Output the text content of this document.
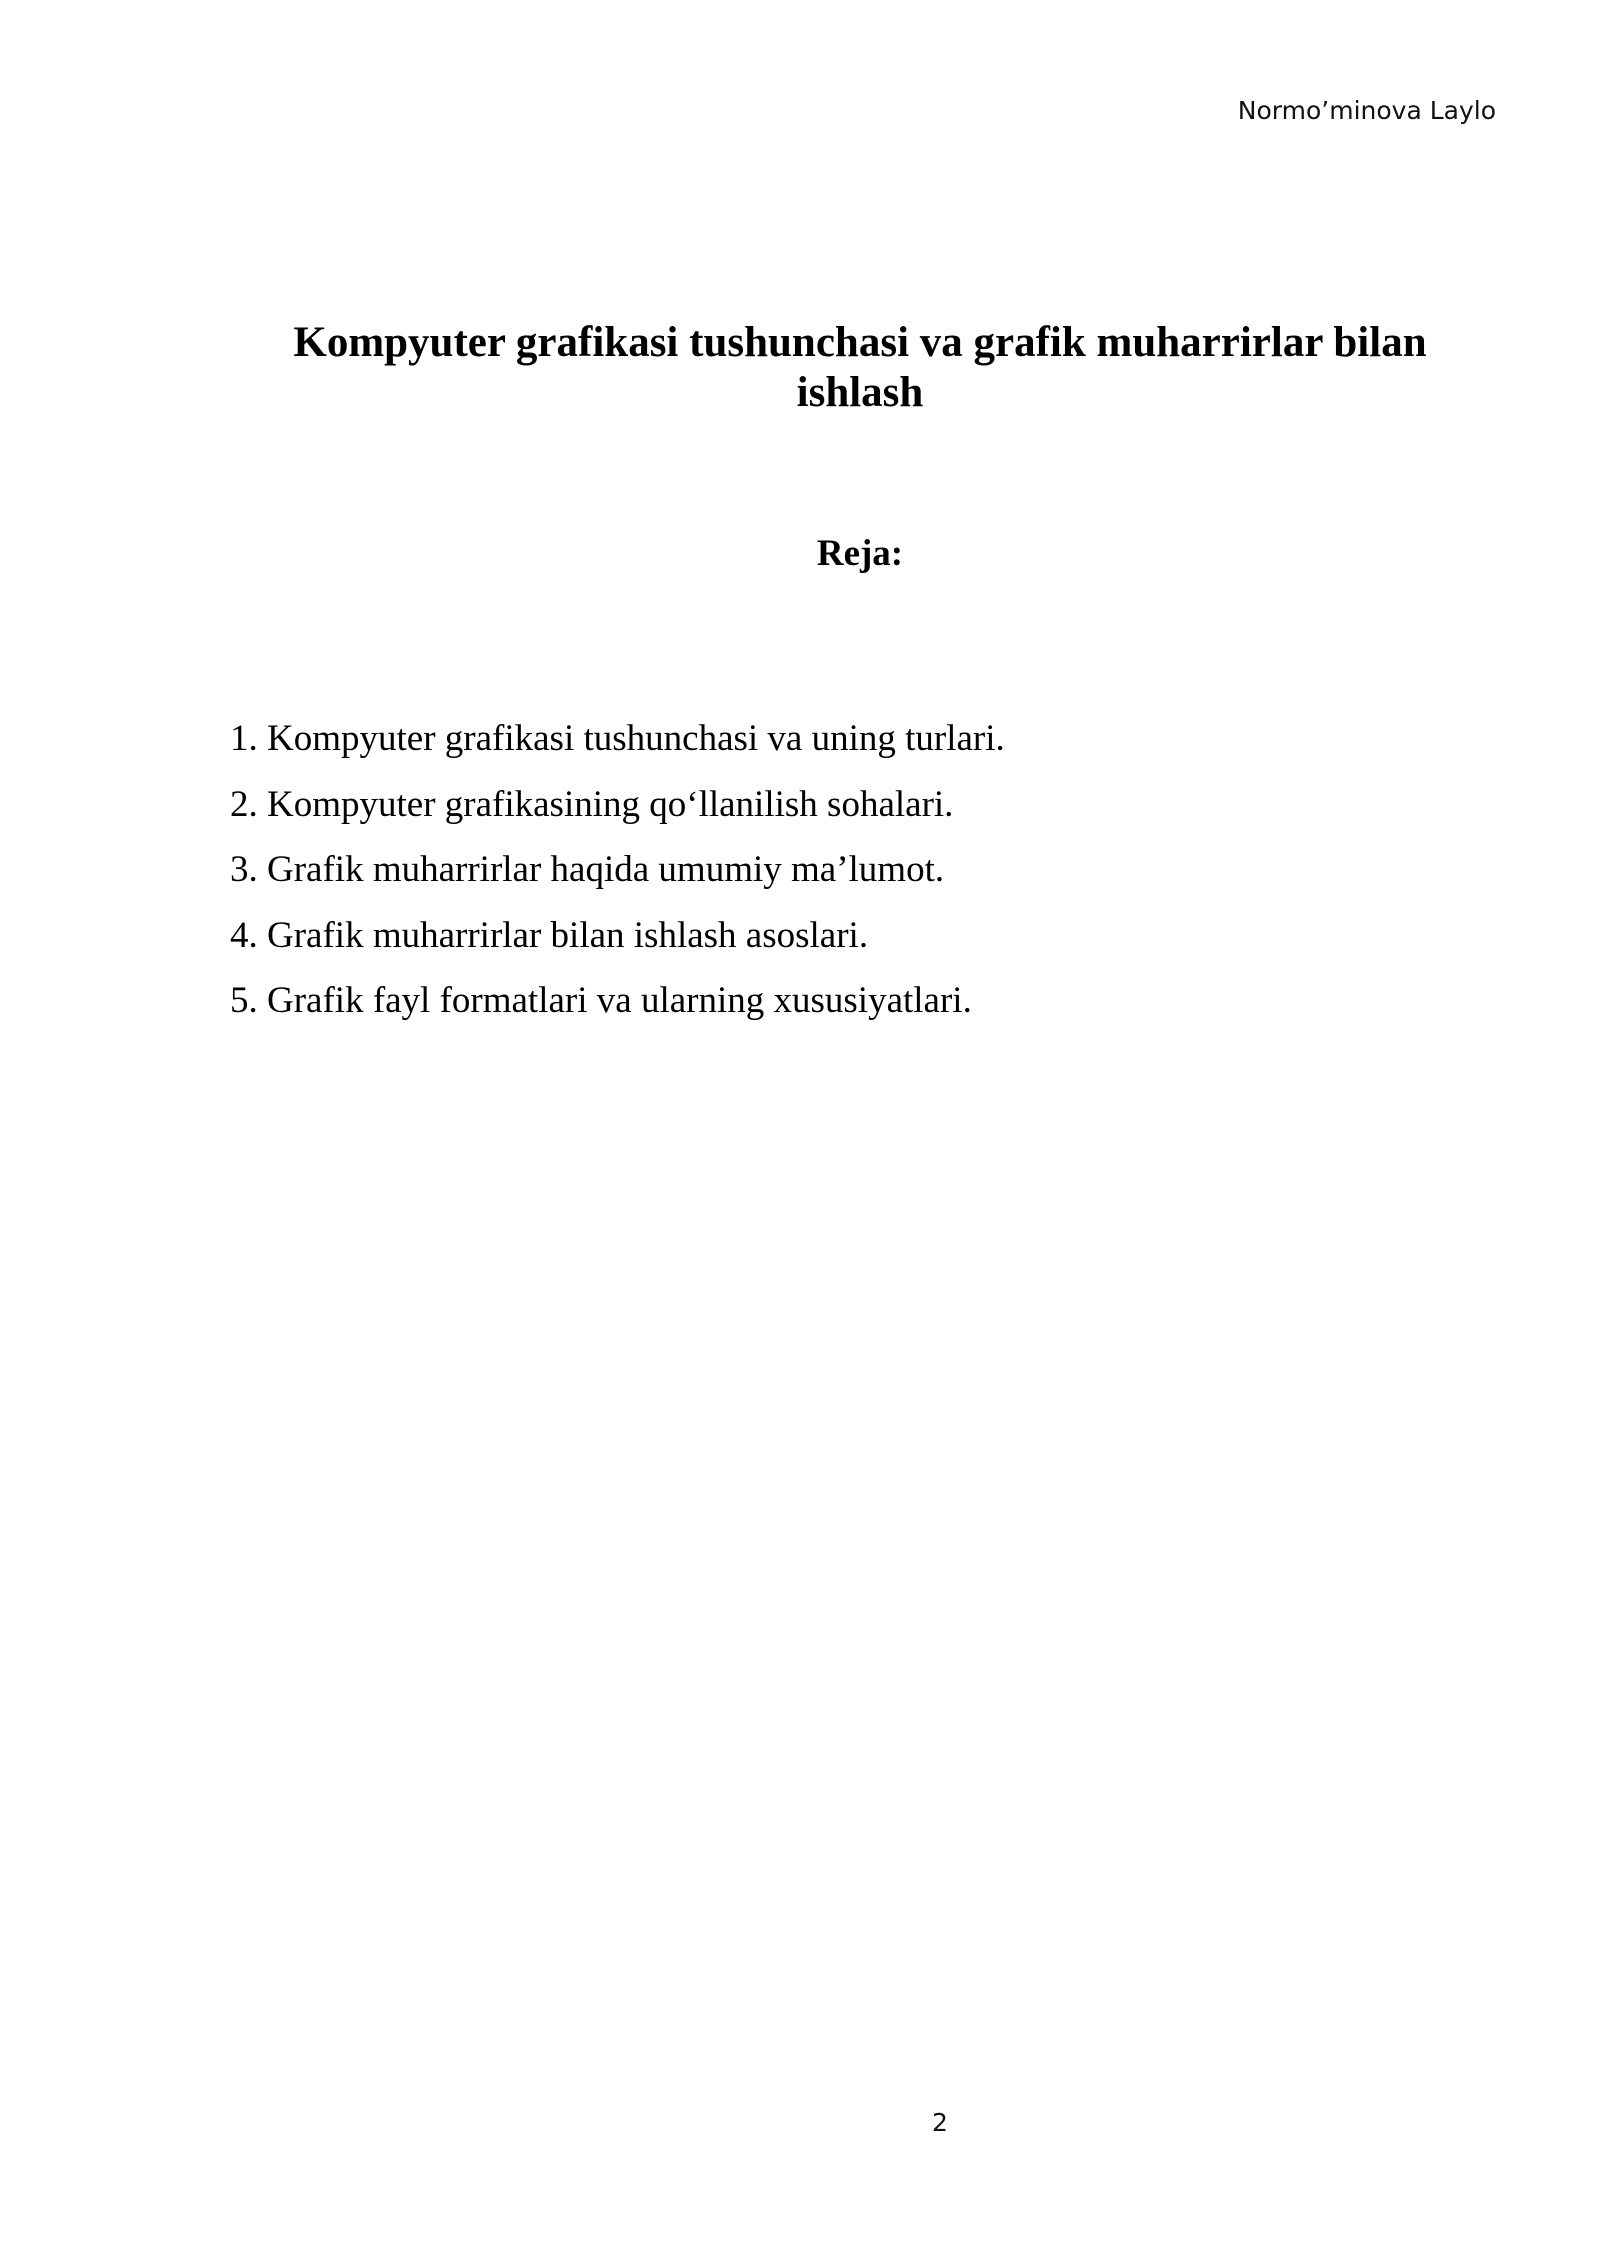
Normo’minova Laylo
Kompyuter grafikasi tushunchasi va grafik muharrirlar bilan ishlash
Reja:
1. Kompyuter grafikasi tushunchasi va uning turlari.
2. Kompyuter grafikasining qo‘llanilish sohalari.
3. Grafik muharrirlar haqida umumiy ma’lumot.
4. Grafik muharrirlar bilan ishlash asoslari.
5. Grafik fayl formatlari va ularning xususiyatlari.
2
